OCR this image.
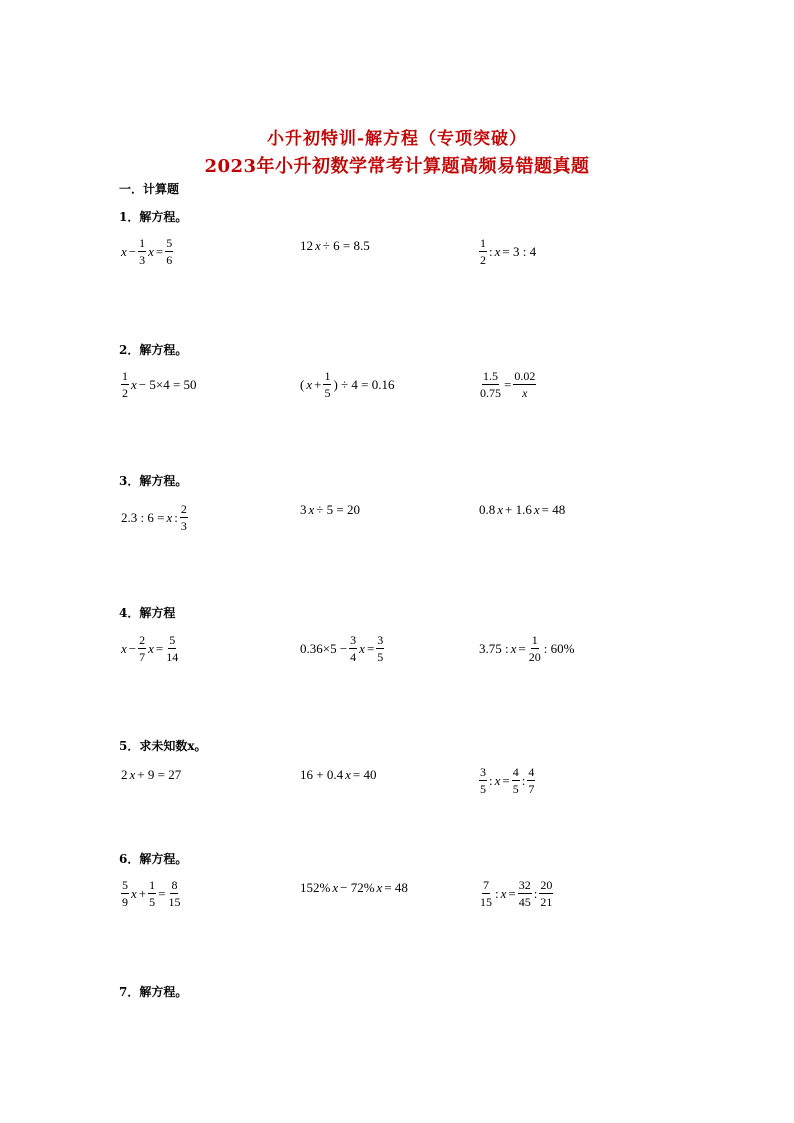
小升初特训-解方程（专项突破）
2023年小升初数学常考计算题高频易错题真题
一．计算题
1．解方程。
$x - \frac{1}{3}$ $x = \frac{5}{6}$	12 x ÷ 6 = 8.5	$\frac{1}{2}$ : x = 3 : 4
2．解方程。
$\frac{1}{2}$ x − 5×4 = 50	( $x + \frac{1}{5}$ ) ÷ 4 = 0.16	$\frac{1.5}{0.75} = \frac{0.02}{x}$
3．解方程。
2.3 : 6 = x : $\frac{2}{3}$	3 x ÷ 5 = 20	0.8 x + 1.6 x = 48
4．解方程
$x - \frac{2}{7}$ $x = \frac{5}{14}$	$0.36\times 5 - \frac{3}{4}$ $x = \frac{3}{5}$	3.75 : $x = \frac{1}{20}$ : 60%
5．求未知数x。
2 x + 9 = 27	16 + 0.4 x = 40	$\frac{3}{5}$ : $x = \frac{4}{5}$ : $\frac{4}{7}$
6．解方程。
$\frac{5}{9}$ $x + \frac{1}{5} = \frac{8}{15}$	152% x − 72% x = 48	$\frac{7}{15}$ : $x = \frac{32}{45}$ : $\frac{20}{21}$
7．解方程。
